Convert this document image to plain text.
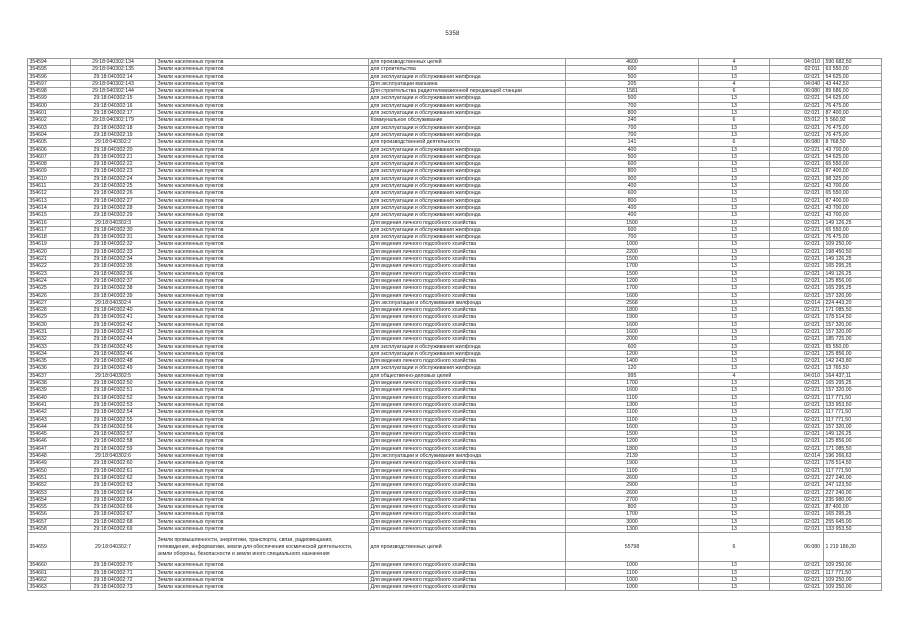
5358
354594	29:18:040302:134	Земли населенных пунктов	для производственных целей	4600	4	04:010	590 682,50
354595	29:18:040302:135	Земли населенных пунктов	для строительства	600	13	02:011	63 550,00
354596	29:18:040302:14	Земли населенных пунктов	для эксплуатации и обслуживания жилфонда	500	13	02:021	54 625,00
354597	29:18:040302:143	Земли населенных пунктов	Для эксплуатации магазина	205	4	04:040	43 442,50
354598	29:18:040302:144	Земли населенных пунктов	Для строительства радиотелевизионной передающей станции	1581	6	06:080	89 686,00
354599	29:18:040302:15	Земли населенных пунктов	для эксплуатации и обслуживания жилфонда	500	13	02:021	54 625,00
354600	29:18:040302:16	Земли населенных пунктов	для эксплуатации и обслуживания жилфонда	700	13	02:021	76 475,00
354601	29:18:040302:17	Земли населенных пунктов	для эксплуатации и обслуживания жилфонда	800	13	02:021	87 400,00
354602	29:18:040302:179	Земли населенных пунктов	Коммунальное обслуживание	240	6	03:012	5 560,92
354603	29:18:040302:18	Земли населенных пунктов	для эксплуатации и обслуживания жилфонда	700	13	02:021	76 475,00
354604	29:18:040302:19	Земли населенных пунктов	для эксплуатации и обслуживания жилфонда	700	13	02:021	76 475,00
354605	29:18:040302:2	Земли населенных пунктов	для производственной деятельности	141	6	06:080	8 768,50
354606	29:18:040302:20	Земли населенных пунктов	для эксплуатации и обслуживания жилфонда	400	13	02:021	43 700,00
354607	29:18:040302:21	Земли населенных пунктов	для эксплуатации и обслуживания жилфонда	500	13	02:021	54 625,00
354608	29:18:040302:22	Земли населенных пунктов	для эксплуатации и обслуживания жилфонда	600	13	02:021	65 550,00
354609	29:18:040302:23	Земли населенных пунктов	для эксплуатации и обслуживания жилфонда	800	13	02:021	87 400,00
354610	29:18:040302:24	Земли населенных пунктов	для эксплуатации и обслуживания жилфонда	900	13	02:021	98 325,00
354611	29:18:040302:25	Земли населенных пунктов	для эксплуатации и обслуживания жилфонда	400	13	02:021	43 700,00
354612	29:18:040302:26	Земли населенных пунктов	для эксплуатации и обслуживания жилфонда	600	13	02:021	65 550,00
354613	29:18:040302:27	Земли населенных пунктов	для эксплуатации и обслуживания жилфонда	800	13	02:021	87 400,00
354614	29:18:040302:28	Земли населенных пунктов	для эксплуатации и обслуживания жилфонда	400	13	02:021	43 700,00
354615	29:18:040302:29	Земли населенных пунктов	для эксплуатации и обслуживания жилфонда	400	13	02:021	43 700,00
354616	29:18:040302:3	Земли населенных пунктов	Для ведения личного подсобного хозяйства	1500	13	02:021	149 126,25
354617	29:18:040302:30	Земли населенных пунктов	для эксплуатации и обслуживания жилфонда	600	13	02:021	65 550,00
354618	29:18:040302:31	Земли населенных пунктов	для эксплуатации и обслуживания жилфонда	700	13	02:021	76 475,00
354619	29:18:040302:32	Земли населенных пунктов	Для ведения личного подсобного хозяйства	1000	13	02:021	109 250,00
354620	29:18:040302:33	Земли населенных пунктов	Для ведения личного подсобного хозяйства	2200	13	02:021	198 450,50
354621	29:18:040302:34	Земли населенных пунктов	Для ведения личного подсобного хозяйства	1500	13	02:021	149 126,25
354622	29:18:040302:35	Земли населенных пунктов	Для ведения личного подсобного хозяйства	1700	13	02:021	165 295,25
354623	29:18:040302:36	Земли населенных пунктов	Для ведения личного подсобного хозяйства	1500	13	02:021	149 126,25
354624	29:18:040302:37	Земли населенных пунктов	Для ведения личного подсобного хозяйства	1200	13	02:021	125 856,00
354625	29:18:040302:38	Земли населенных пунктов	Для ведения личного подсобного хозяйства	1700	13	02:021	165 295,25
354626	29:18:040302:39	Земли населенных пунктов	Для ведения личного подсобного хозяйства	1600	13	02:021	157 320,00
354627	29:18:040302:4	Земли населенных пунктов	Для эксплуатации и обслуживания жилфонда	2568	13	02:014	224 443,20
354628	29:18:040302:40	Земли населенных пунктов	Для ведения личного подсобного хозяйства	1800	13	02:021	171 085,50
354629	29:18:040302:41	Земли населенных пунктов	Для ведения личного подсобного хозяйства	1900	13	02:021	178 514,50
354630	29:18:040302:42	Земли населенных пунктов	Для ведения личного подсобного хозяйства	1600	13	02:021	157 320,00
354631	29:18:040302:43	Земли населенных пунктов	Для ведения личного подсобного хозяйства	1600	13	02:021	157 320,00
354632	29:18:040302:44	Земли населенных пунктов	Для ведения личного подсобного хозяйства	2000	13	02:021	185 725,00
354633	29:18:040302:45	Земли населенных пунктов	для эксплуатации и обслуживания жилфонда	600	13	02:021	65 550,00
354634	29:18:040302:46	Земли населенных пунктов	для эксплуатации и обслуживания жилфонда	1200	13	02:021	125 856,00
354635	29:18:040302:48	Земли населенных пунктов	Для ведения личного подсобного хозяйства	1400	13	02:021	142 243,80
354636	29:18:040302:49	Земли населенных пунктов	для эксплуатации и обслуживания жилфонда	120	13	02:021	13 765,50
354637	29:18:040302:5	Земли населенных пунктов	для общественно-деловых целей	995	4	04:010	164 437,11
354638	29:18:040302:50	Земли населенных пунктов	Для ведения личного подсобного хозяйства	1700	13	02:021	165 295,25
354639	29:18:040302:51	Земли населенных пунктов	Для ведения личного подсобного хозяйства	1600	13	02:021	157 320,00
354640	29:18:040302:52	Земли населенных пунктов	Для ведения личного подсобного хозяйства	1100	13	02:021	117 771,50
354641	29:18:040302:53	Земли населенных пунктов	Для ведения личного подсобного хозяйства	1300	13	02:021	133 953,50
354642	29:18:040302:54	Земли населенных пунктов	Для ведения личного подсобного хозяйства	1100	13	02:021	117 771,50
354643	29:18:040302:55	Земли населенных пунктов	Для ведения личного подсобного хозяйства	1100	13	02:021	117 771,50
354644	29:18:040302:56	Земли населенных пунктов	Для ведения личного подсобного хозяйства	1600	13	02:021	157 320,00
354645	29:18:040302:57	Земли населенных пунктов	Для ведения личного подсобного хозяйства	1500	13	02:021	149 126,25
354646	29:18:040302:58	Земли населенных пунктов	Для ведения личного подсобного хозяйства	1200	13	02:021	125 856,00
354647	29:18:040302:59	Земли населенных пунктов	Для ведения личного подсобного хозяйства	1800	13	02:021	171 085,50
354648	29:18:040302:6	Земли населенных пунктов	Для эксплуатации и обслуживания жилфонда	2139	13	02:014	196 266,63
354649	29:18:040302:60	Земли населенных пунктов	Для ведения личного подсобного хозяйства	1900	13	02:021	178 514,50
354650	29:18:040302:61	Земли населенных пунктов	Для ведения личного подсобного хозяйства	1100	13	02:021	117 771,50
354651	29:18:040302:62	Земли населенных пунктов	Для ведения личного подсобного хозяйства	2600	13	02:021	227 240,00
354652	29:18:040302:63	Земли населенных пунктов	Для ведения личного подсобного хозяйства	2900	13	02:021	247 123,50
354653	29:18:040302:64	Земли населенных пунктов	Для ведения личного подсобного хозяйства	2600	13	02:021	227 240,00
354654	29:18:040302:65	Земли населенных пунктов	Для ведения личного подсобного хозяйства	2700	13	02:021	235 980,00
354655	29:18:040302:66	Земли населенных пунктов	Для ведения личного подсобного хозяйства	800	13	02:021	87 400,00
354656	29:18:040302:67	Земли населенных пунктов	Для ведения личного подсобного хозяйства	1700	13	02:021	165 295,25
354657	29:18:040302:68	Земли населенных пунктов	Для ведения личного подсобного хозяйства	3000	13	02:021	255 645,00
354658	29:18:040302:69	Земли населенных пунктов	Для ведения личного подсобного хозяйства	1300	13	02:021	133 953,50
354659	29:18:040302:7	Земли промышленности, энергетики, транспорта, связи, радиовещания, телевидения, информатики, земли для обеспечения космической деятельности, земли обороны, безопасности и земли иного специального назначения	для производственных целей	55798	6	06:080	1 219 186,30
354660	29:18:040302:70	Земли населенных пунктов	Для ведения личного подсобного хозяйства	1000	13	02:021	109 250,00
354661	29:18:040302:71	Земли населенных пунктов	Для ведения личного подсобного хозяйства	1100	13	02:021	117 771,50
354662	29:18:040302:72	Земли населенных пунктов	Для ведения личного подсобного хозяйства	1000	13	02:021	109 250,00
354663	29:18:040302:73	Земли населенных пунктов	Для ведения личного подсобного хозяйства	1000	13	02:021	109 250,00
